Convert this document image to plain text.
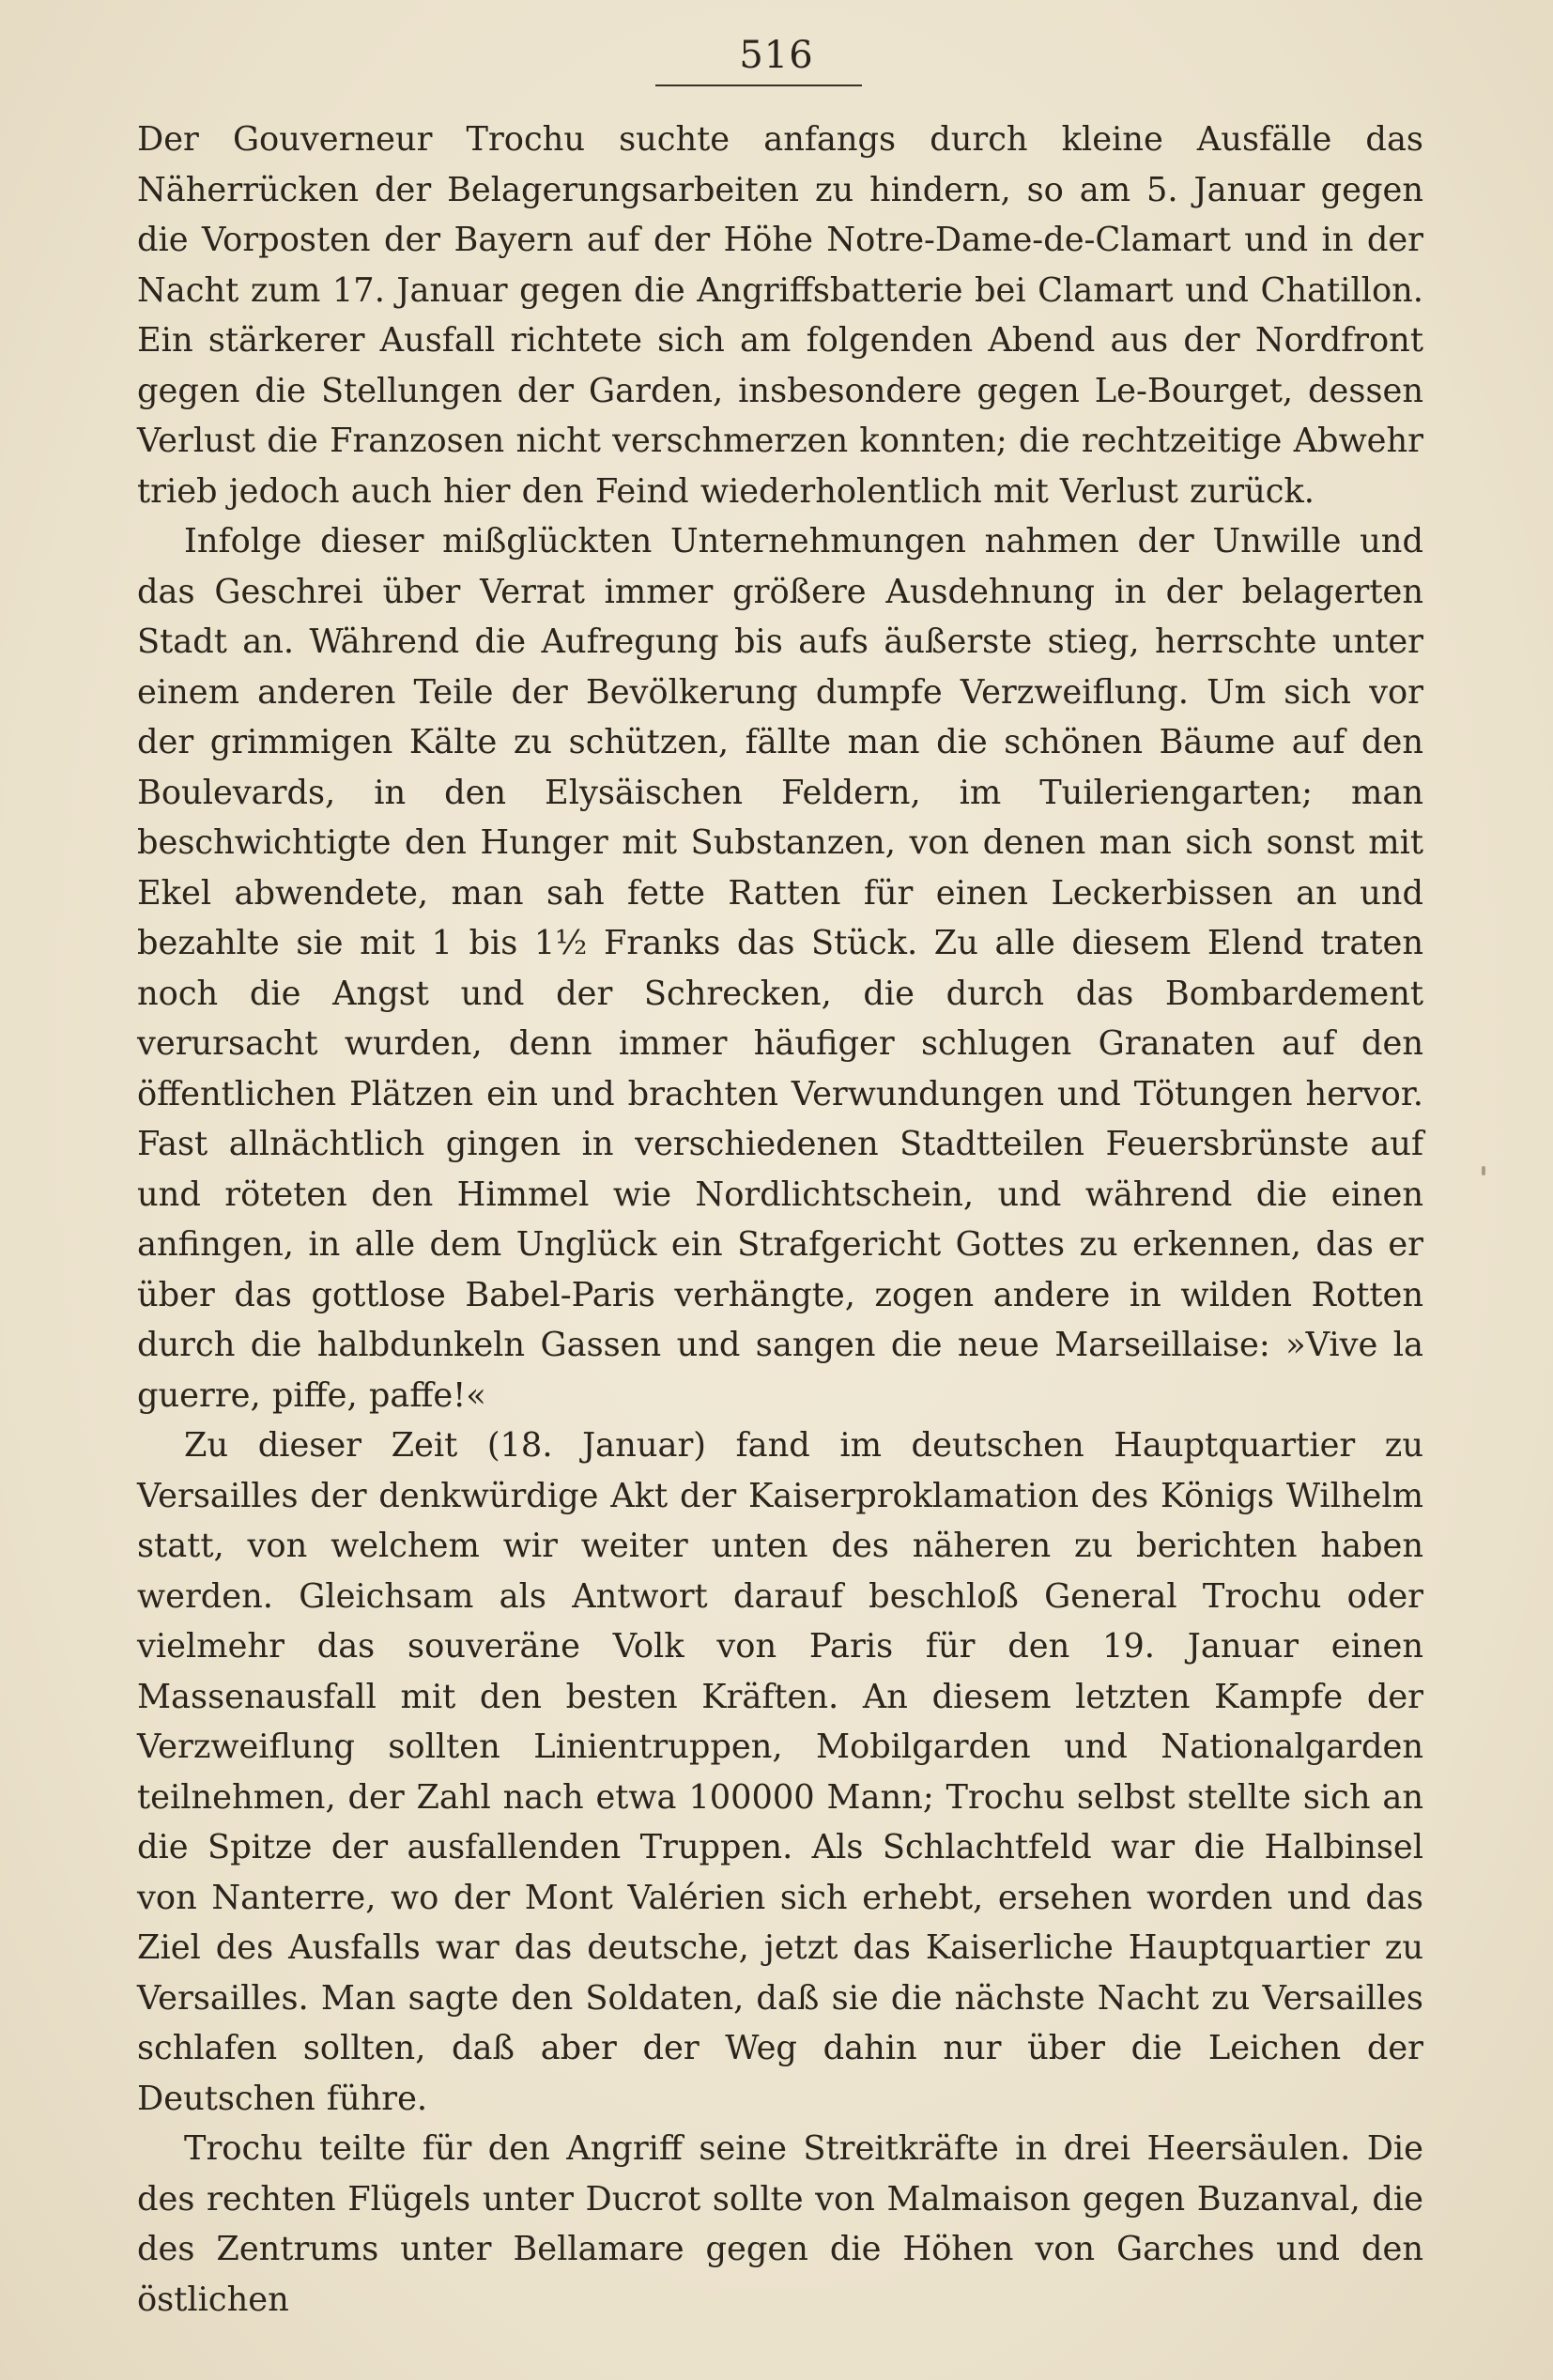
516

Der Gouverneur Trochu suchte anfangs durch kleine Ausfälle das Näherrücken der Belagerungsarbeiten zu hindern, so am 5. Januar gegen die Vorposten der Bayern auf der Höhe Notre-Dame-de-Clamart und in der Nacht zum 17. Januar gegen die Angriffsbatterie bei Clamart und Chatillon. Ein stärkerer Ausfall richtete sich am folgenden Abend aus der Nordfront gegen die Stellungen der Garden, insbesondere gegen Le-Bourget, dessen Verlust die Franzosen nicht verschmerzen konnten; die rechtzeitige Abwehr trieb jedoch auch hier den Feind wiederholentlich mit Verlust zurück.

Infolge dieser mißglückten Unternehmungen nahmen der Unwille und das Geschrei über Verrat immer größere Ausdehnung in der belagerten Stadt an. Während die Aufregung bis aufs äußerste stieg, herrschte unter einem anderen Teile der Bevölkerung dumpfe Verzweiflung. Um sich vor der grimmigen Kälte zu schützen, fällte man die schönen Bäume auf den Boulevards, in den Elysäischen Feldern, im Tuileriengarten; man beschwichtigte den Hunger mit Substanzen, von denen man sich sonst mit Ekel abwendete, man sah fette Ratten für einen Leckerbissen an und bezahlte sie mit 1 bis 1½ Franks das Stück. Zu alle diesem Elend traten noch die Angst und der Schrecken, die durch das Bombardement verursacht wurden, denn immer häufiger schlugen Granaten auf den öffentlichen Plätzen ein und brachten Verwundungen und Tötungen hervor. Fast allnächtlich gingen in verschiedenen Stadtteilen Feuersbrünste auf und röteten den Himmel wie Nordlichtschein, und während die einen anfingen, in alle dem Unglück ein Strafgericht Gottes zu erkennen, das er über das gottlose Babel-Paris verhängte, zogen andere in wilden Rotten durch die halbdunkeln Gassen und sangen die neue Marseillaise: »Vive la guerre, piffe, paffe!«

Zu dieser Zeit (18. Januar) fand im deutschen Hauptquartier zu Versailles der denkwürdige Akt der Kaiserproklamation des Königs Wilhelm statt, von welchem wir weiter unten des näheren zu berichten haben werden. Gleichsam als Antwort darauf beschloß General Trochu oder vielmehr das souveräne Volk von Paris für den 19. Januar einen Massenausfall mit den besten Kräften. An diesem letzten Kampfe der Verzweiflung sollten Linientruppen, Mobilgarden und Nationalgarden teilnehmen, der Zahl nach etwa 100000 Mann; Trochu selbst stellte sich an die Spitze der ausfallenden Truppen. Als Schlachtfeld war die Halbinsel von Nanterre, wo der Mont Valérien sich erhebt, ersehen worden und das Ziel des Ausfalls war das deutsche, jetzt das Kaiserliche Hauptquartier zu Versailles. Man sagte den Soldaten, daß sie die nächste Nacht zu Versailles schlafen sollten, daß aber der Weg dahin nur über die Leichen der Deutschen führe.

Trochu teilte für den Angriff seine Streitkräfte in drei Heersäulen. Die des rechten Flügels unter Ducrot sollte von Malmaison gegen Buzanval, die des Zentrums unter Bellamare gegen die Höhen von Garches und den östlichen
